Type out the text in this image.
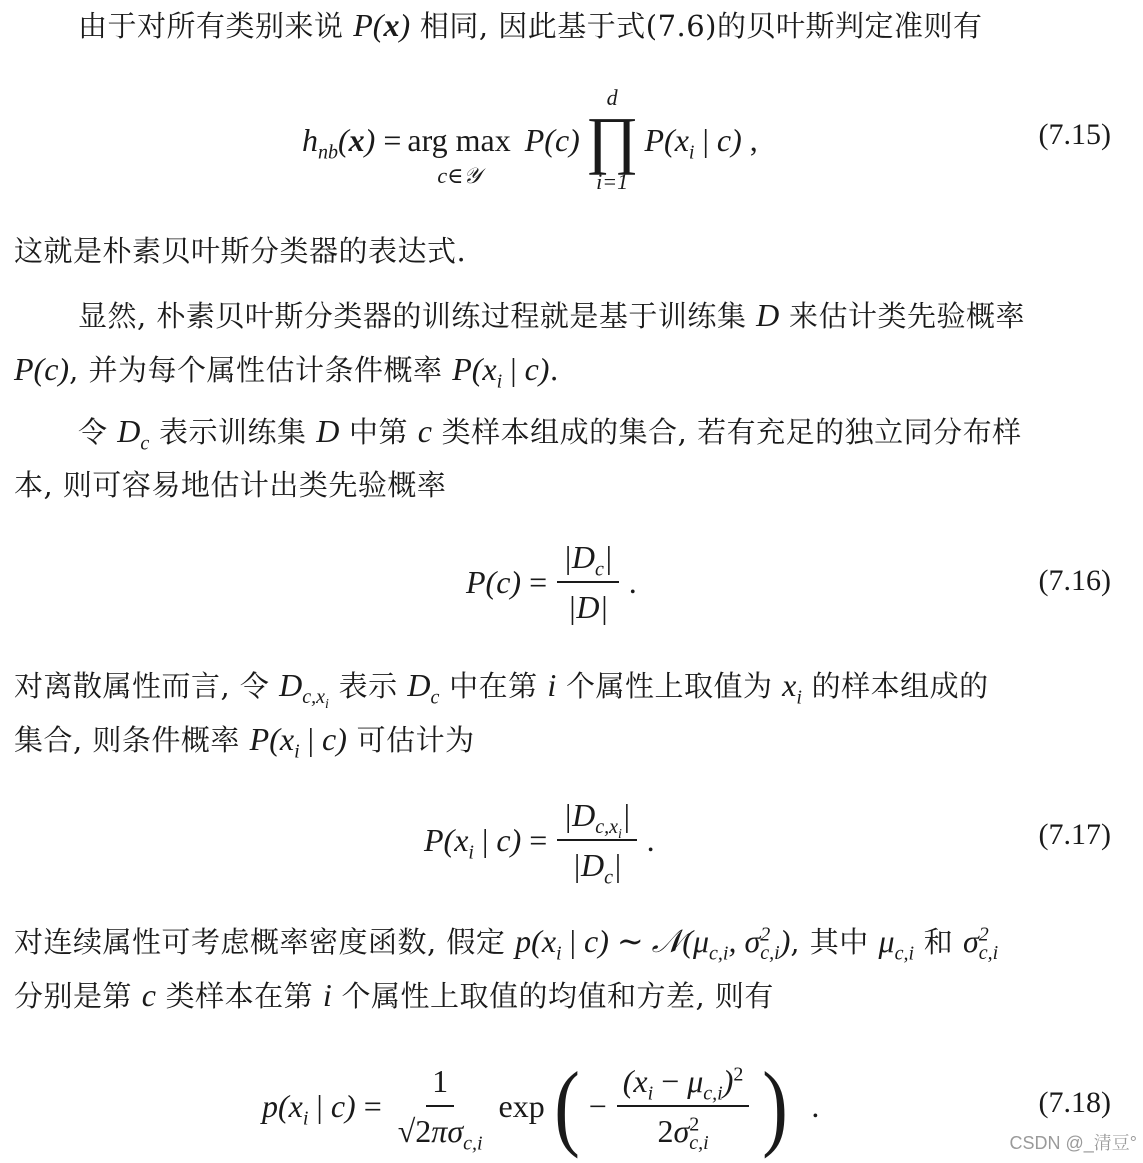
由于对所有类别来说 P(x) 相同, 因此基于式(7.6)的贝叶斯判定准则有
$h_{nb}(x)$ = arg max
c∈𝒴
P(c)
d
∏
i=1
$P(x_i$ | c) ,	(7.15)
这就是朴素贝叶斯分类器的表达式.
显然, 朴素贝叶斯分类器的训练过程就是基于训练集 D 来估计类先验概率
P(c), 并为每个属性估计条件概率 $P(x_i$ | c).
令 $D_c$ 表示训练集 D 中第 c 类样本组成的集合, 若有充足的独立同分布样
本, 则可容易地估计出类先验概率
$P(c) = \frac{|D_c|}{|D|}$ .	(7.16)
对离散属性而言, 令 $D_{c,x_i}$ 表示 $D_c$ 中在第 i 个属性上取值为 $x_i$ 的样本组成的
集合, 则条件概率 $P(x_i$ | c) 可估计为
$P(x_i$ | $c) = \frac{|D_{c,x_i}|}{|D_c|}$ .	(7.17)
对连续属性可考虑概率密度函数, 假定 $p(x_i$ | c) ∼ $𝒩(\mu_{c,i}$, $\sigma^2_{c,i}$), 其中 $\mu_{c,i}$ 和 $\sigma^2_{c,i}$
分别是第 c 类样本在第 i 个属性上取值的均值和方差, 则有
$p(x_i$ | $c) = \frac{1}{√2\pi\sigma_{c,i}}$ exp ( − $\frac{(x_i - \mu_{c,i})^2}{2\sigma^2_{c,i}}$ ) .	(7.18)
CSDN @_清豆°
